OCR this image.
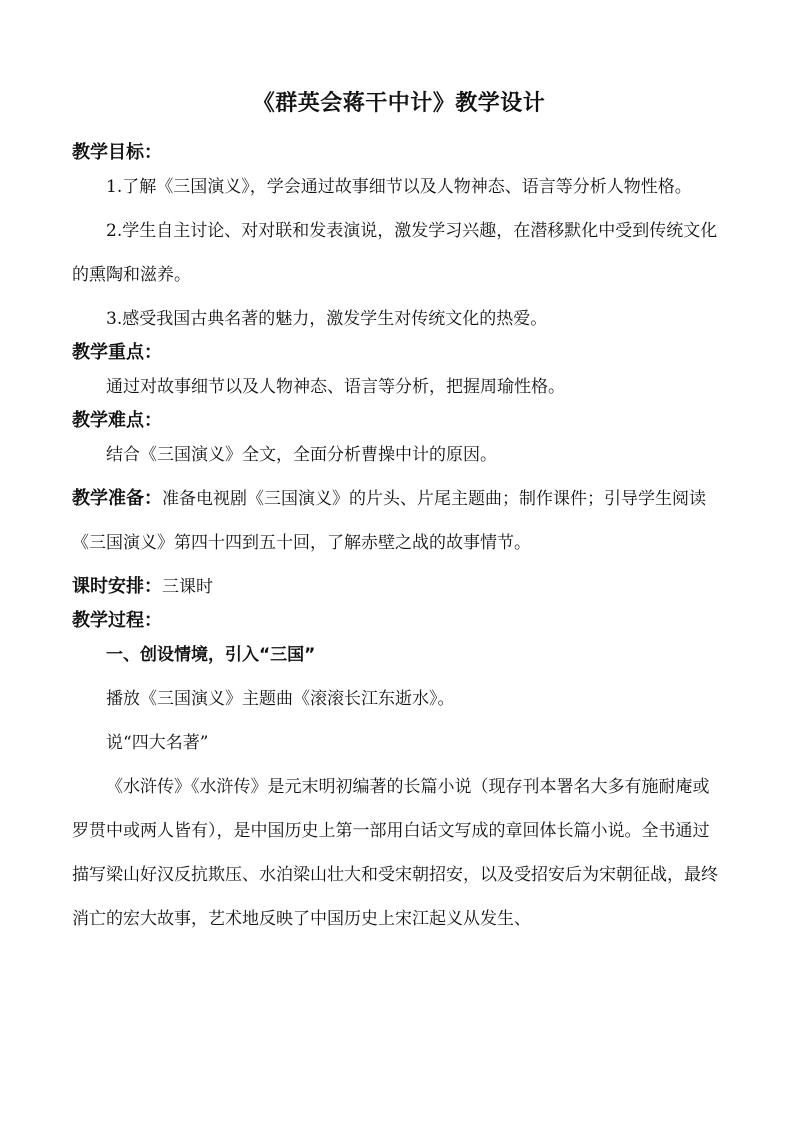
《群英会蒋干中计》教学设计
教学目标：

1.了解《三国演义》，学会通过故事细节以及人物神态、语言等分析人物性格。

2.学生自主讨论、对对联和发表演说，激发学习兴趣，在潜移默化中受到传统文化的熏陶和滋养。

3.感受我国古典名著的魅力，激发学生对传统文化的热爱。

教学重点：

通过对故事细节以及人物神态、语言等分析，把握周瑜性格。

教学难点：

结合《三国演义》全文，全面分析曹操中计的原因。

教学准备：准备电视剧《三国演义》的片头、片尾主题曲；制作课件；引导学生阅读《三国演义》第四十四到五十回，了解赤壁之战的故事情节。

课时安排：三课时

教学过程：

一、创设情境，引入“三国”

播放《三国演义》主题曲《滚滚长江东逝水》。

说“四大名著”

《水浒传》《水浒传》是元末明初编著的长篇小说（现存刊本署名大多有施耐庵或罗贯中或两人皆有），是中国历史上第一部用白话文写成的章回体长篇小说。全书通过描写梁山好汉反抗欺压、水泊梁山壮大和受宋朝招安，以及受招安后为宋朝征战，最终消亡的宏大故事，艺术地反映了中国历史上宋江起义从发生、
